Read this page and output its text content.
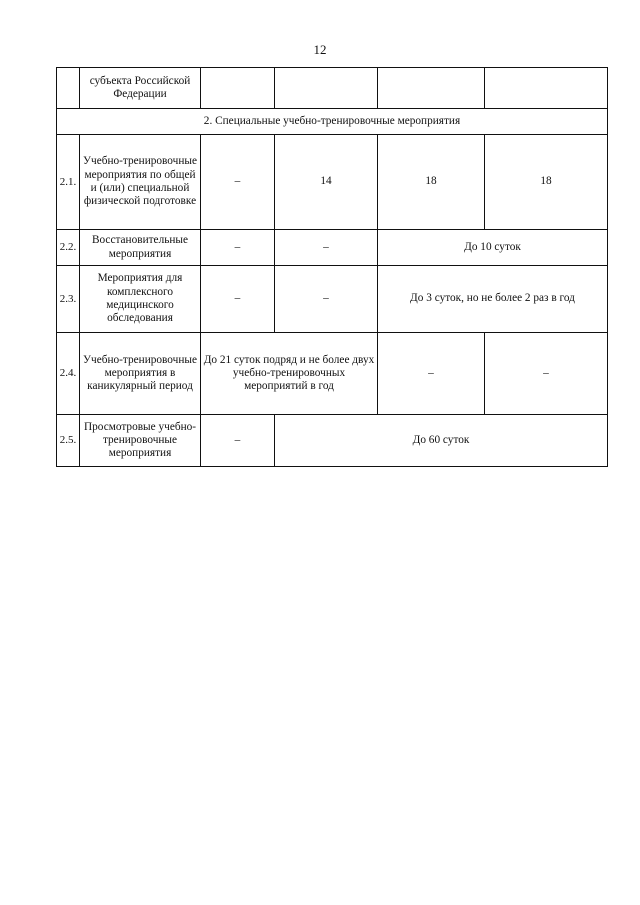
12
	субъекта Российской Федерации				
2. Специальные учебно-тренировочные мероприятия					
2.1.	Учебно-тренировочные мероприятия по общей и (или) специальной физической подготовке	–	14	18	18
2.2.	Восстановительные мероприятия	–	–	До 10 суток	
2.3.	Мероприятия для комплексного медицинского обследования	–	–	До 3 суток, но не более 2 раз в год	
2.4.	Учебно-тренировочные мероприятия в каникулярный период	До 21 суток подряд и не более двух учебно-тренировочных мероприятий в год		–	–
2.5.	Просмотровые учебно-тренировочные мероприятия	–	До 60 суток		
